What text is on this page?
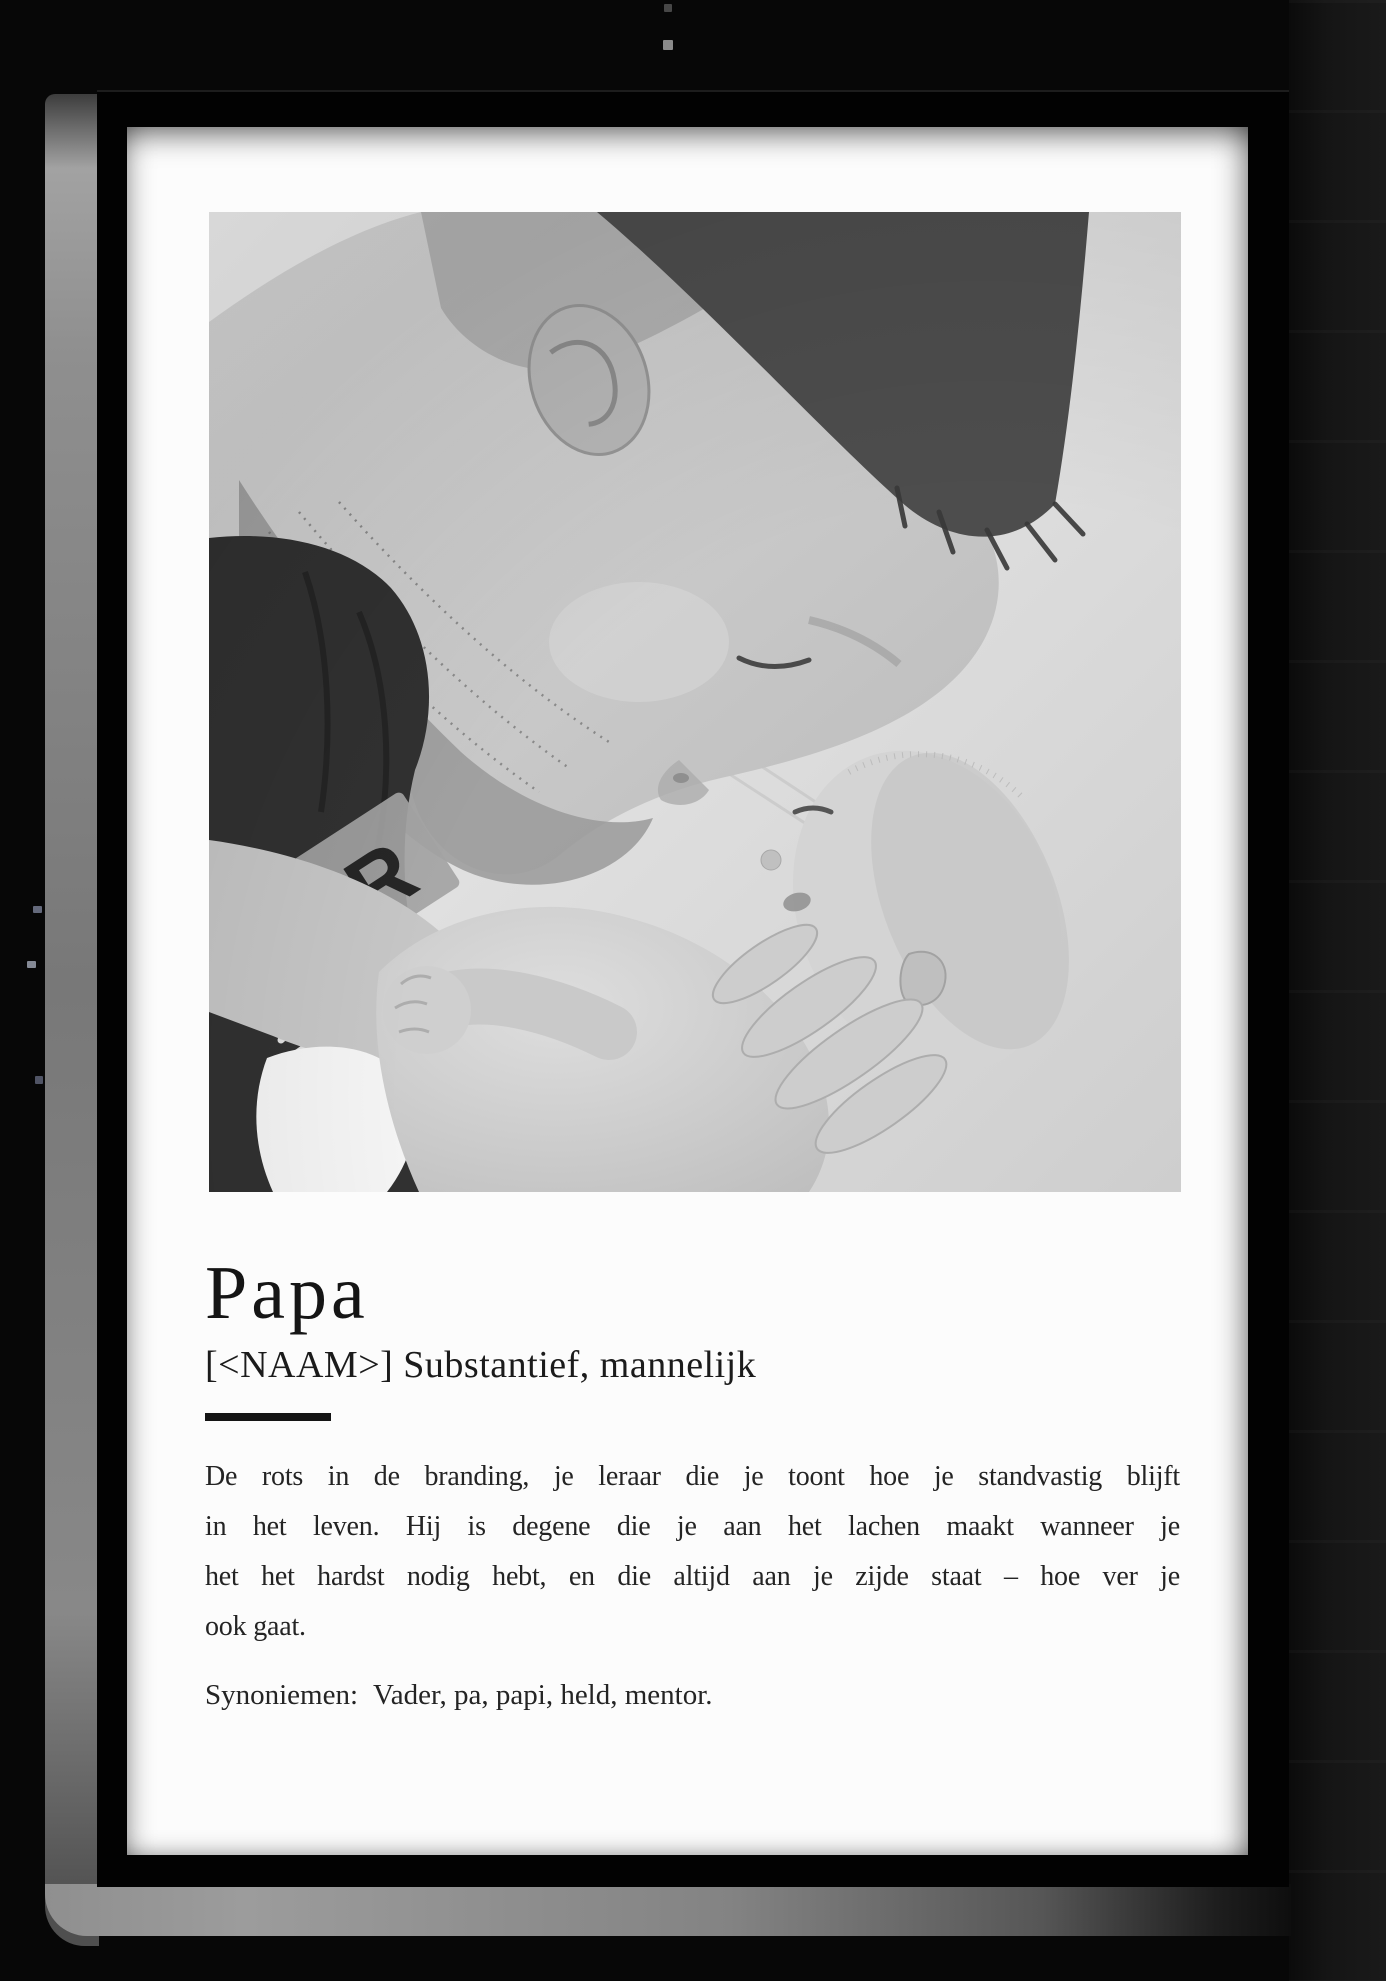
Papa
[<NAAM>] Substantief, mannelijk
De rots in de branding, je leraar die je toont hoe je standvastig blijft
in het leven. Hij is degene die je aan het lachen maakt wanneer je
het het hardst nodig hebt, en die altijd aan je zijde staat – hoe ver je
ook gaat.
Synoniemen: Vader, pa, papi, held, mentor.
